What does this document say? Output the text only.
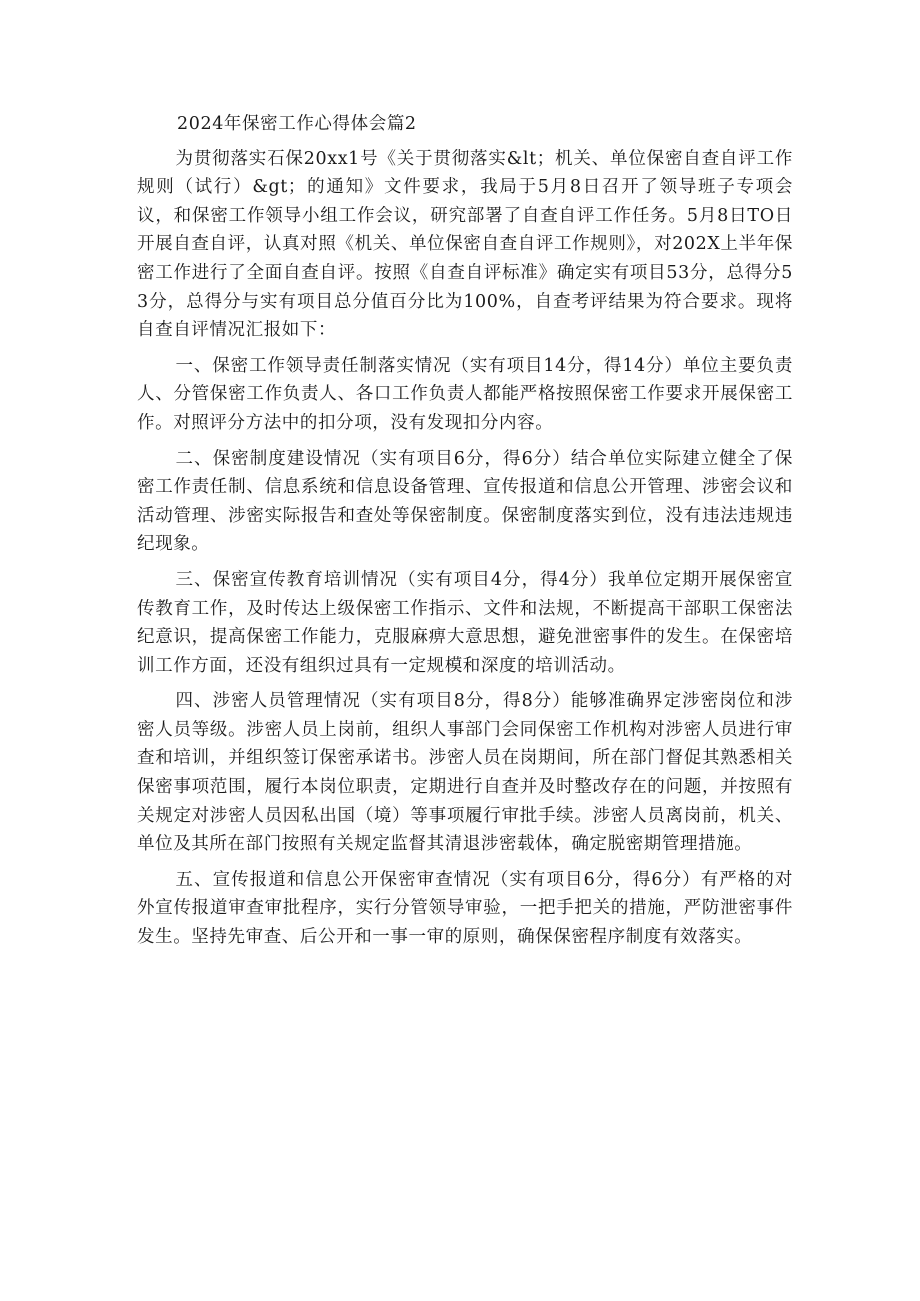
2024年保密工作心得体会篇2

为贯彻落实石保20xx1号《关于贯彻落实&lt；机关、单位保密自查自评工作规则（试行）&gt；的通知》文件要求，我局于5月8日召开了领导班子专项会议，和保密工作领导小组工作会议，研究部署了自查自评工作任务。5月8日TO日开展自查自评，认真对照《机关、单位保密自查自评工作规则》，对202X上半年保密工作进行了全面自查自评。按照《自查自评标准》确定实有项目53分，总得分53分，总得分与实有项目总分值百分比为100%，自查考评结果为符合要求。现将自查自评情况汇报如下：

一、保密工作领导责任制落实情况（实有项目14分，得14分）单位主要负责人、分管保密工作负责人、各口工作负责人都能严格按照保密工作要求开展保密工作。对照评分方法中的扣分项，没有发现扣分内容。

二、保密制度建设情况（实有项目6分，得6分）结合单位实际建立健全了保密工作责任制、信息系统和信息设备管理、宣传报道和信息公开管理、涉密会议和活动管理、涉密实际报告和查处等保密制度。保密制度落实到位，没有违法违规违纪现象。

三、保密宣传教育培训情况（实有项目4分，得4分）我单位定期开展保密宣传教育工作，及时传达上级保密工作指示、文件和法规，不断提高干部职工保密法纪意识，提高保密工作能力，克服麻痹大意思想，避免泄密事件的发生。在保密培训工作方面，还没有组织过具有一定规模和深度的培训活动。

四、涉密人员管理情况（实有项目8分，得8分）能够准确界定涉密岗位和涉密人员等级。涉密人员上岗前，组织人事部门会同保密工作机构对涉密人员进行审查和培训，并组织签订保密承诺书。涉密人员在岗期间，所在部门督促其熟悉相关保密事项范围，履行本岗位职责，定期进行自查并及时整改存在的问题，并按照有关规定对涉密人员因私出国（境）等事项履行审批手续。涉密人员离岗前，机关、单位及其所在部门按照有关规定监督其清退涉密载体，确定脱密期管理措施。

五、宣传报道和信息公开保密审查情况（实有项目6分，得6分）有严格的对外宣传报道审查审批程序，实行分管领导审验，一把手把关的措施，严防泄密事件发生。坚持先审查、后公开和一事一审的原则，确保保密程序制度有效落实。
